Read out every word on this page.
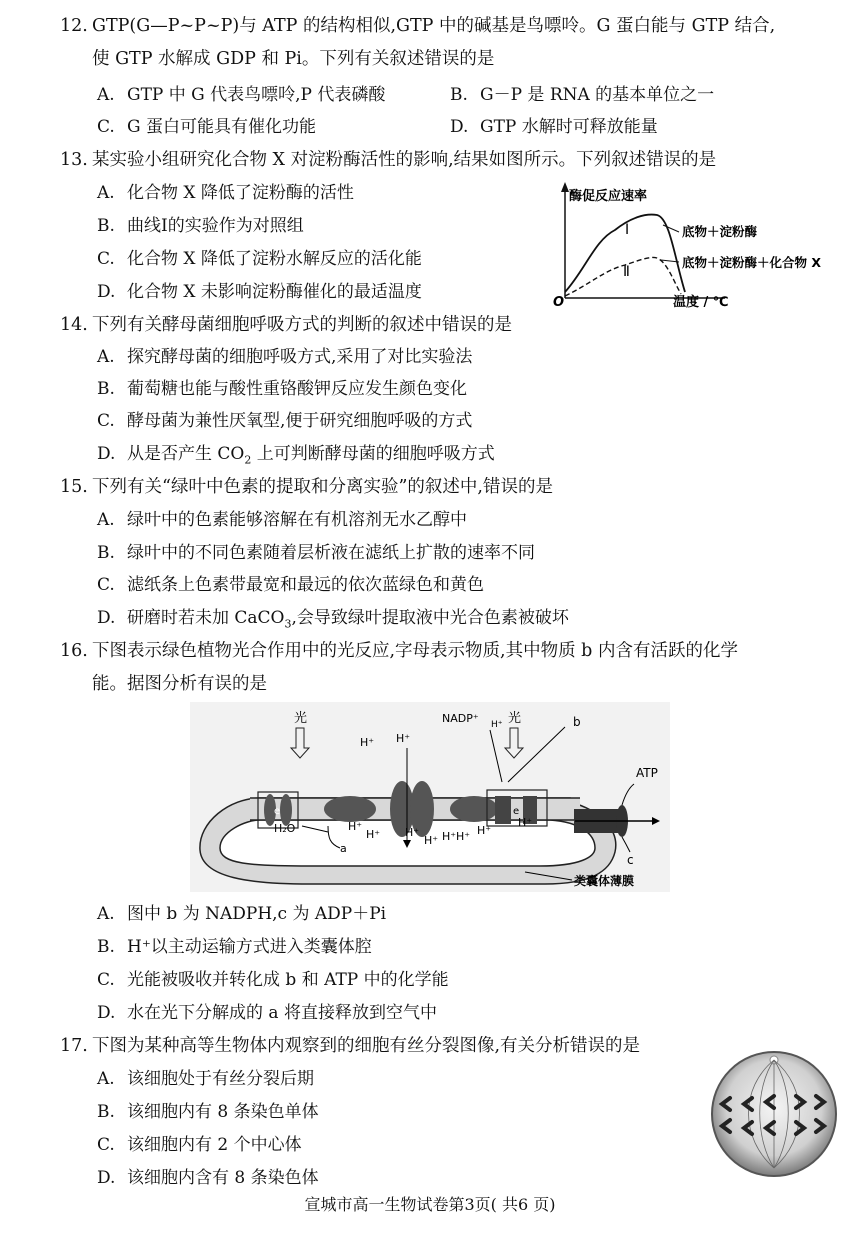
12. GTP(G—P~P~P)与 ATP 的结构相似,GTP 中的碱基是鸟嘌呤。G 蛋白能与 GTP 结合,
使 GTP 水解成 GDP 和 Pi。下列有关叙述错误的是
A. GTP 中 G 代表鸟嘌呤,P 代表磷酸	B. G－P 是 RNA 的基本单位之一
C. G 蛋白可能具有催化功能	D. GTP 水解时可释放能量
13. 某实验小组研究化合物 X 对淀粉酶活性的影响,结果如图所示。下列叙述错误的是
A. 化合物 X 降低了淀粉酶的活性
B. 曲线Ⅰ的实验作为对照组
C. 化合物 X 降低了淀粉水解反应的活化能
D. 化合物 X 未影响淀粉酶催化的最适温度
酶促反应速率
O	温度 / ℃
Ⅰ
Ⅱ
底物＋淀粉酶
底物＋淀粉酶＋化合物 X
14. 下列有关酵母菌细胞呼吸方式的判断的叙述中错误的是
A. 探究酵母菌的细胞呼吸方式,采用了对比实验法
B. 葡萄糖也能与酸性重铬酸钾反应发生颜色变化
C. 酵母菌为兼性厌氧型,便于研究细胞呼吸的方式
D. 从是否产生 $CO_2$ 上可判断酵母菌的细胞呼吸方式
15. 下列有关“绿叶中色素的提取和分离实验”的叙述中,错误的是
A. 绿叶中的色素能够溶解在有机溶剂无水乙醇中
B. 绿叶中的不同色素随着层析液在滤纸上扩散的速率不同
C. 滤纸条上色素带最宽和最远的依次蓝绿色和黄色
D. 研磨时若未加 CaCO$_3$,会导致绿叶提取液中光合色素被破坏
16. 下图表示绿色植物光合作用中的光反应,字母表示物质,其中物质 b 内含有活跃的化学
能。据图分析有误的是
e	e
ATP
c
光	光
NADP⁺ H⁺	b
H⁺ H⁺
H⁺ H⁺
H⁺
H⁺ H⁺ H⁺ H⁺
H⁺
H₂O
a
类囊体薄膜
A. 图中 b 为 NADPH,c 为 ADP＋Pi
B. H⁺以主动运输方式进入类囊体腔
C. 光能被吸收并转化成 b 和 ATP 中的化学能
D. 水在光下分解成的 a 将直接释放到空气中
17. 下图为某种高等生物体内观察到的细胞有丝分裂图像,有关分析错误的是
A. 该细胞处于有丝分裂后期
B. 该细胞内有 8 条染色单体
C. 该细胞内有 2 个中心体
D. 该细胞内含有 8 条染色体
宣城市高一生物试卷第3页( 共6 页)
